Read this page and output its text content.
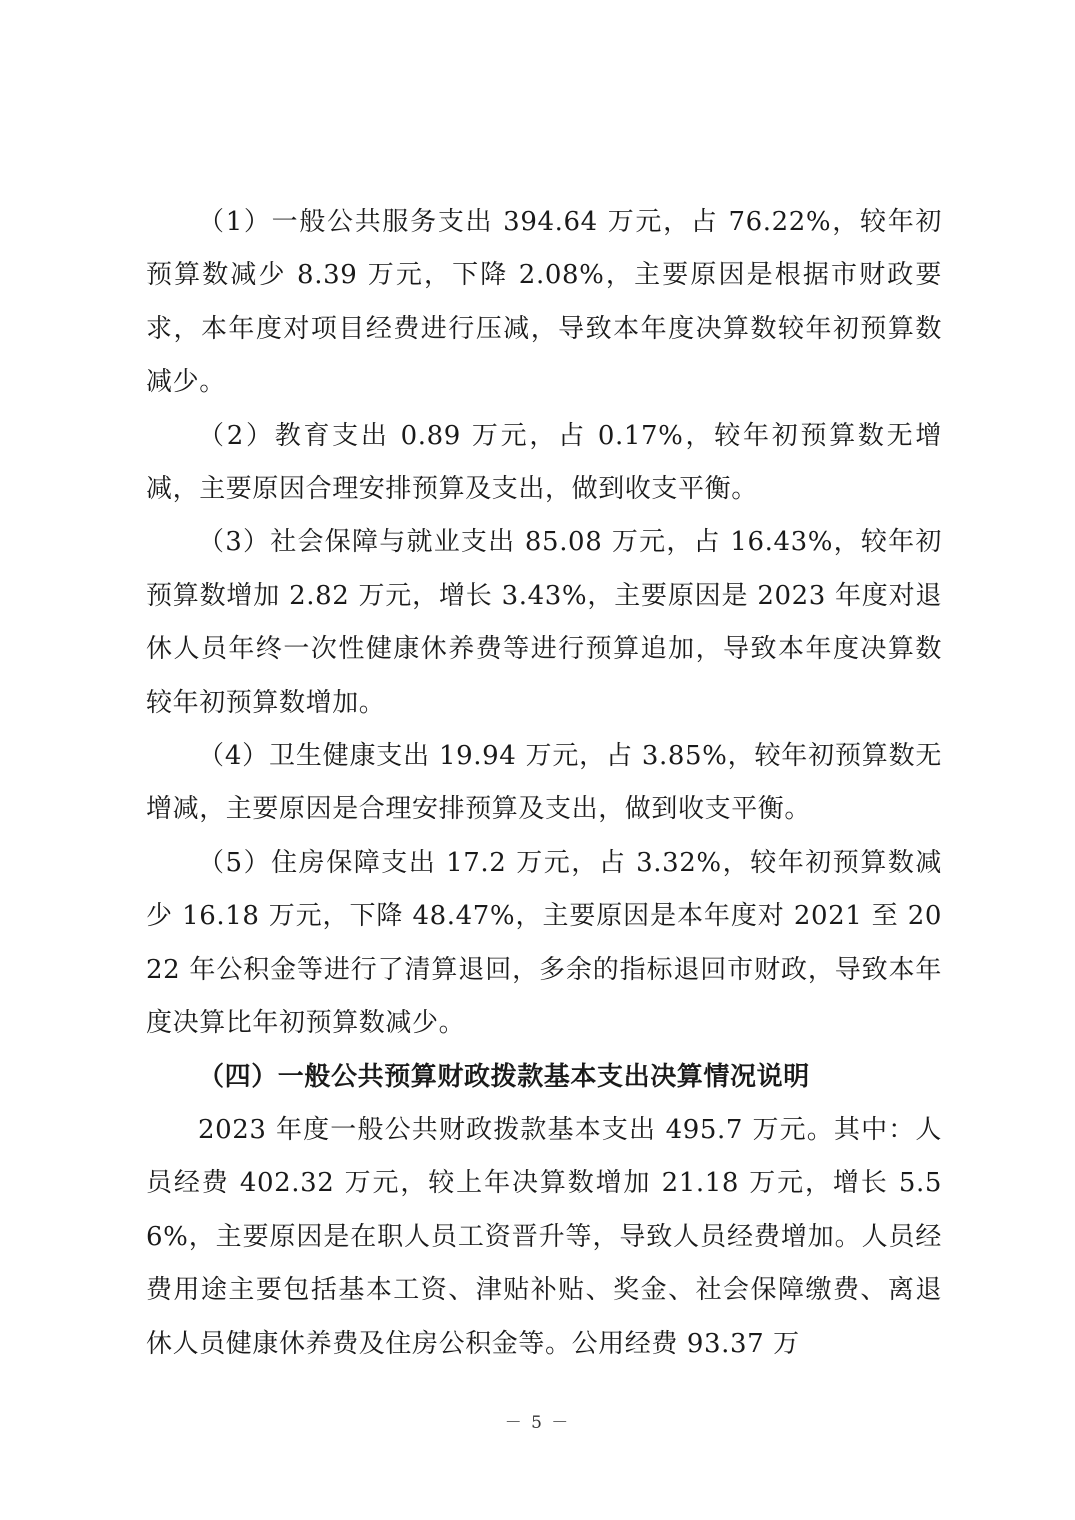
（1）一般公共服务支出 394.64 万元，占 76.22%，较年初预算数减少 8.39 万元，下降 2.08%，主要原因是根据市财政要求，本年度对项目经费进行压减，导致本年度决算数较年初预算数减少。

（2）教育支出 0.89 万元，占 0.17%，较年初预算数无增减，主要原因合理安排预算及支出，做到收支平衡。

（3）社会保障与就业支出 85.08 万元，占 16.43%，较年初预算数增加 2.82 万元，增长 3.43%，主要原因是 2023 年度对退休人员年终一次性健康休养费等进行预算追加，导致本年度决算数较年初预算数增加。

（4）卫生健康支出 19.94 万元，占 3.85%，较年初预算数无增减，主要原因是合理安排预算及支出，做到收支平衡。

（5）住房保障支出 17.2 万元，占 3.32%，较年初预算数减少 16.18 万元，下降 48.47%，主要原因是本年度对 2021 至 2022 年公积金等进行了清算退回，多余的指标退回市财政，导致本年度决算比年初预算数减少。

（四）一般公共预算财政拨款基本支出决算情况说明

2023 年度一般公共财政拨款基本支出 495.7 万元。其中：人员经费 402.32 万元，较上年决算数增加 21.18 万元，增长 5.56%，主要原因是在职人员工资晋升等，导致人员经费增加。人员经费用途主要包括基本工资、津贴补贴、奖金、社会保障缴费、离退休人员健康休养费及住房公积金等。公用经费 93.37 万

－ 5 －
